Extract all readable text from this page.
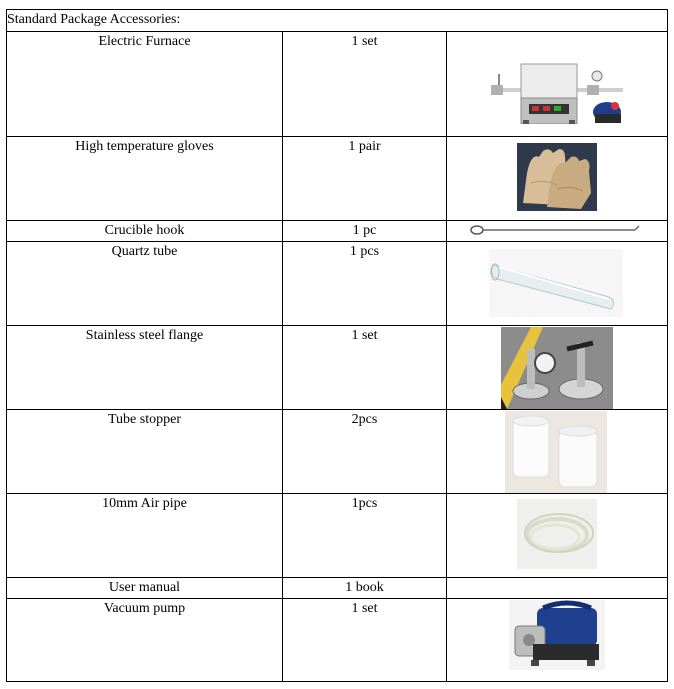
Standard Package Accessories:		
Electric Furnace	1 set	

High temperature gloves	1 pair	

Crucible hook	1 pc	

Quartz tube	1 pcs	

Stainless steel flange	1 set	

Tube stopper	2pcs	

10mm Air pipe	1pcs	

User manual	1 book	
Vacuum pump	1 set	
